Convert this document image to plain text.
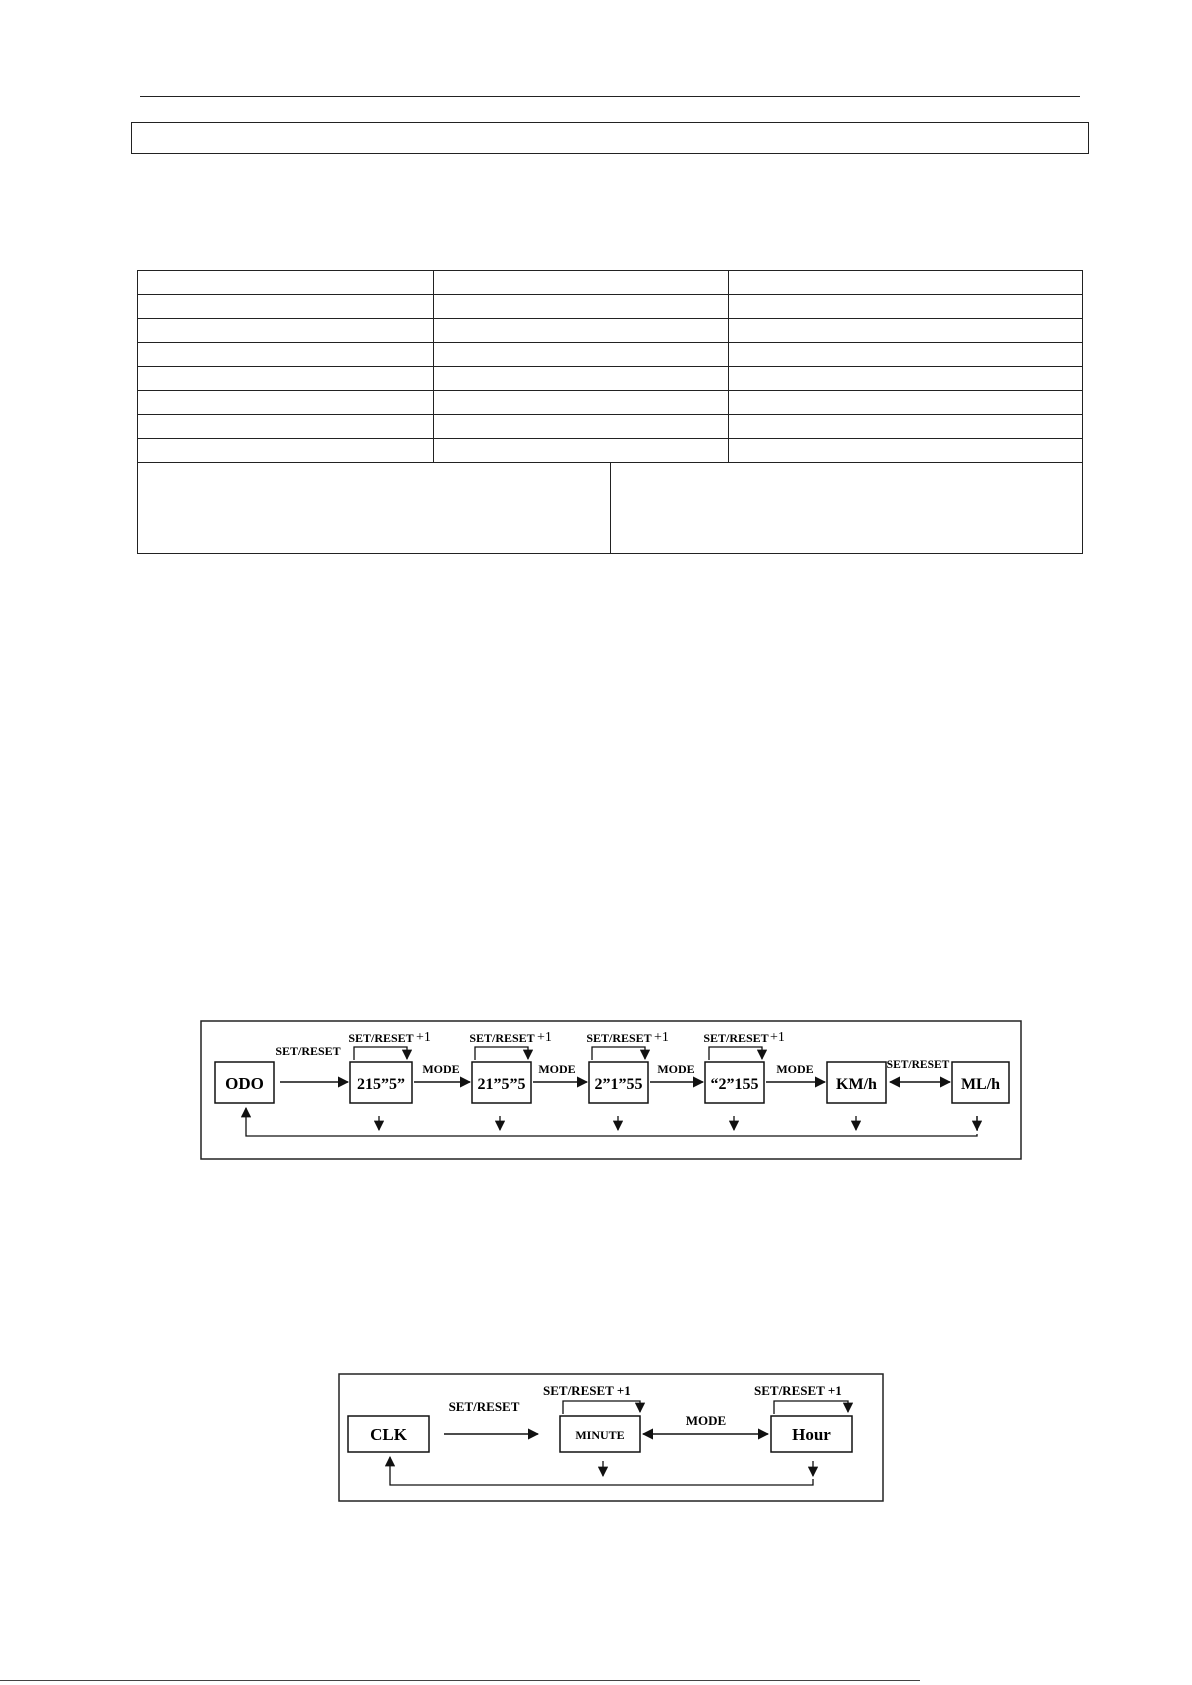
ODO	215”5”	21”5”5	2”1”55	“2”155	KM/h	ML/h
SET/RESET
MODE	MODE	MODE	MODE	SET/RESET
SET/RESET +1	SET/RESET +1	SET/RESET +1	SET/RESET +1
CLK	MINUTE	Hour
SET/RESET
MODE
SET/RESET +1	SET/RESET +1
